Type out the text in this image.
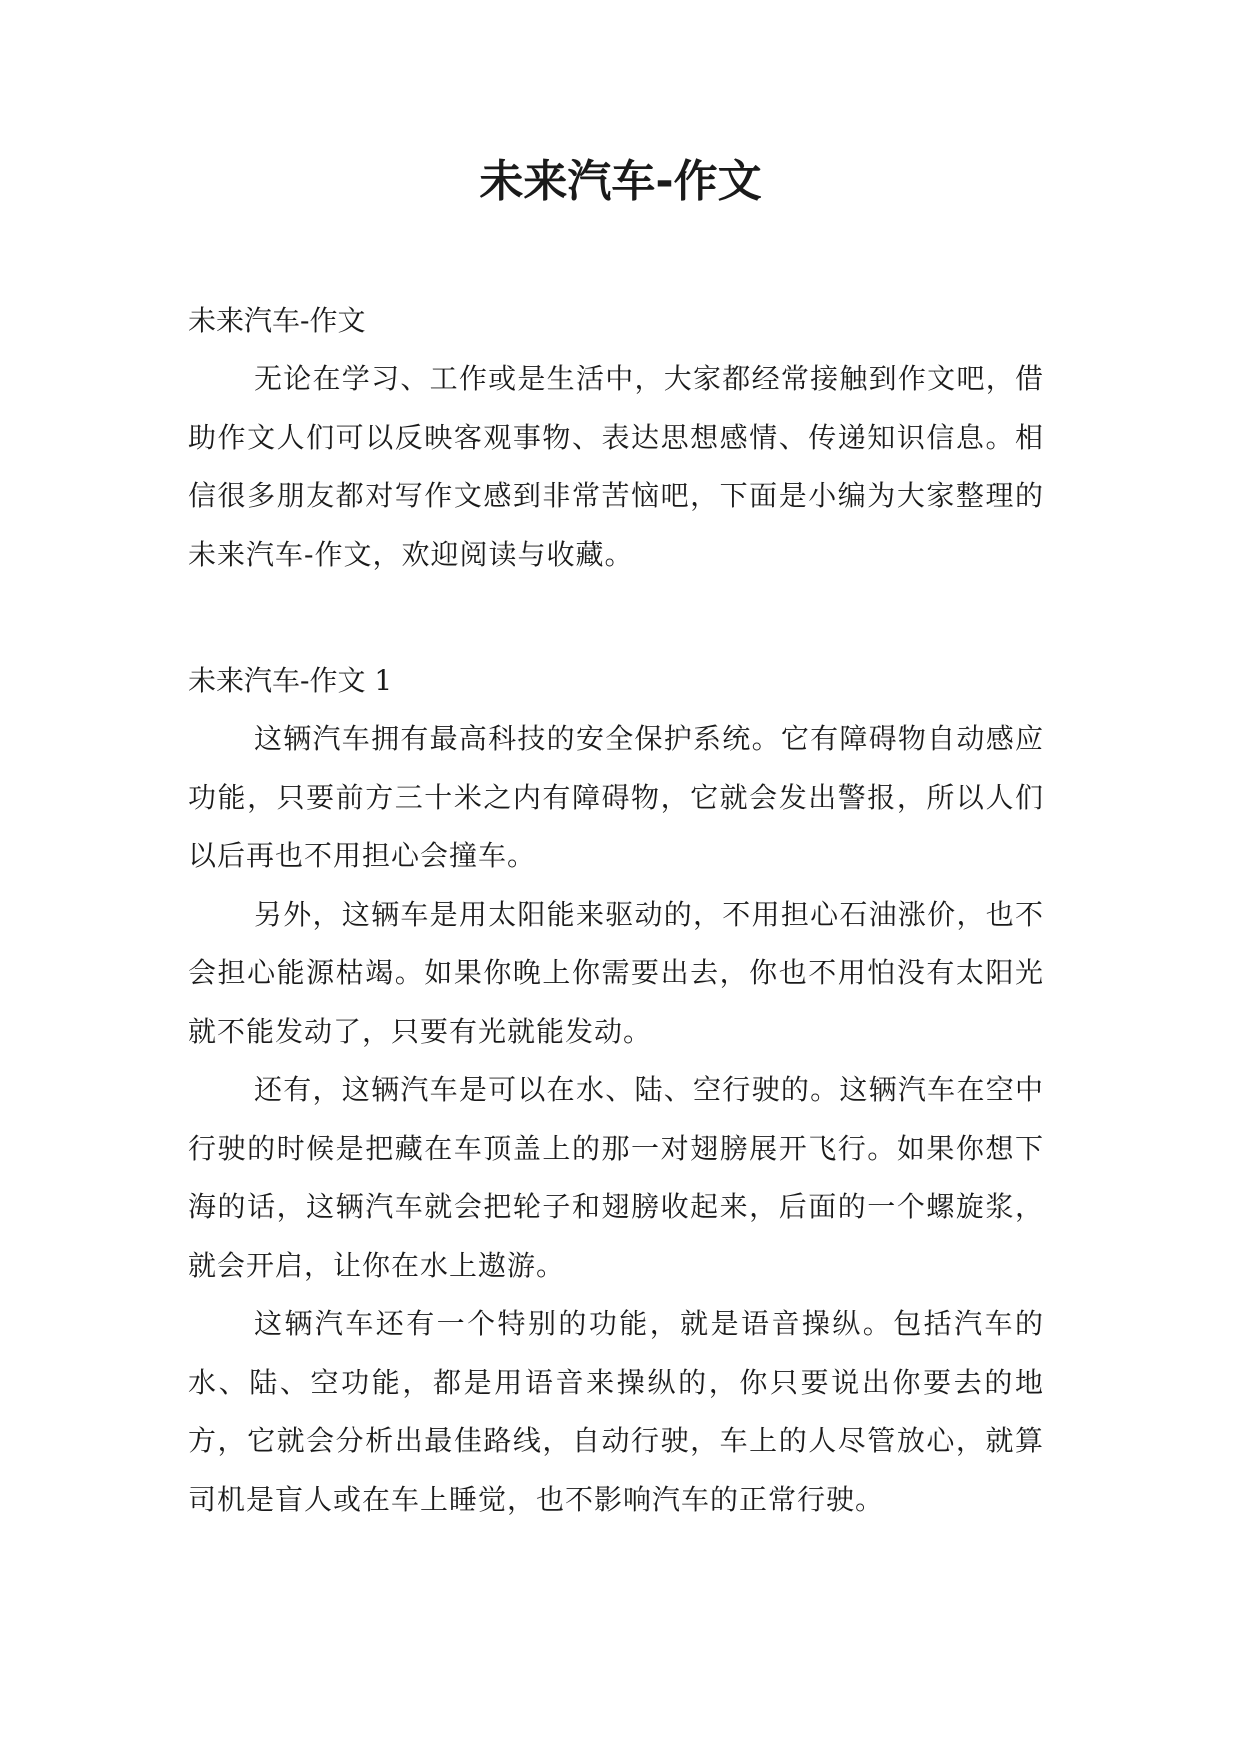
未来汽车-作文

未来汽车-作文

无论在学习、工作或是生活中，大家都经常接触到作文吧，借助作文人们可以反映客观事物、表达思想感情、传递知识信息。相信很多朋友都对写作文感到非常苦恼吧，下面是小编为大家整理的未来汽车-作文，欢迎阅读与收藏。

未来汽车-作文 1

这辆汽车拥有最高科技的安全保护系统。它有障碍物自动感应功能，只要前方三十米之内有障碍物，它就会发出警报，所以人们以后再也不用担心会撞车。

另外，这辆车是用太阳能来驱动的，不用担心石油涨价，也不会担心能源枯竭。如果你晚上你需要出去，你也不用怕没有太阳光就不能发动了，只要有光就能发动。

还有，这辆汽车是可以在水、陆、空行驶的。这辆汽车在空中行驶的时候是把藏在车顶盖上的那一对翅膀展开飞行。如果你想下海的话，这辆汽车就会把轮子和翅膀收起来，后面的一个螺旋浆，就会开启，让你在水上遨游。

这辆汽车还有一个特别的功能，就是语音操纵。包括汽车的水、陆、空功能，都是用语音来操纵的，你只要说出你要去的地方，它就会分析出最佳路线，自动行驶，车上的人尽管放心，就算司机是盲人或在车上睡觉，也不影响汽车的正常行驶。
